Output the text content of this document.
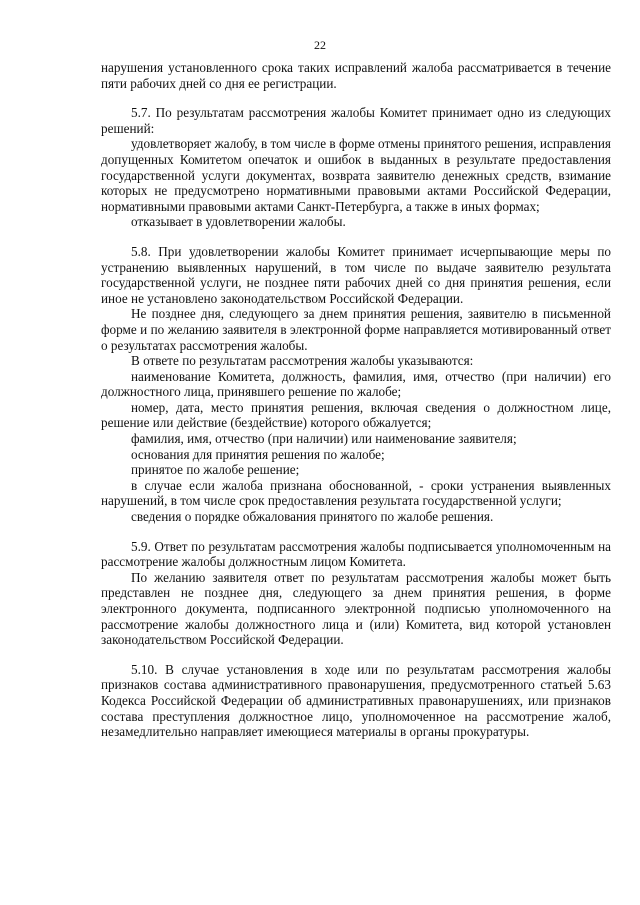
22

нарушения установленного срока таких исправлений жалоба рассматривается в течение пяти рабочих дней со дня ее регистрации.

5.7. По результатам рассмотрения жалобы Комитет принимает одно из следующих решений:

удовлетворяет жалобу, в том числе в форме отмены принятого решения, исправления допущенных Комитетом опечаток и ошибок в выданных в результате предоставления государственной услуги документах, возврата заявителю денежных средств, взимание которых не предусмотрено нормативными правовыми актами Российской Федерации, нормативными правовыми актами Санкт-Петербурга, а также в иных формах;

отказывает в удовлетворении жалобы.

5.8. При удовлетворении жалобы Комитет принимает исчерпывающие меры по устранению выявленных нарушений, в том числе по выдаче заявителю результата государственной услуги, не позднее пяти рабочих дней со дня принятия решения, если иное не установлено законодательством Российской Федерации.

Не позднее дня, следующего за днем принятия решения, заявителю в письменной форме и по желанию заявителя в электронной форме направляется мотивированный ответ о результатах рассмотрения жалобы.

В ответе по результатам рассмотрения жалобы указываются:

наименование Комитета, должность, фамилия, имя, отчество (при наличии) его должностного лица, принявшего решение по жалобе;

номер, дата, место принятия решения, включая сведения о должностном лице, решение или действие (бездействие) которого обжалуется;

фамилия, имя, отчество (при наличии) или наименование заявителя;

основания для принятия решения по жалобе;

принятое по жалобе решение;

в случае если жалоба признана обоснованной, - сроки устранения выявленных нарушений, в том числе срок предоставления результата государственной услуги;

сведения о порядке обжалования принятого по жалобе решения.

5.9. Ответ по результатам рассмотрения жалобы подписывается уполномоченным на рассмотрение жалобы должностным лицом Комитета.

По желанию заявителя ответ по результатам рассмотрения жалобы может быть представлен не позднее дня, следующего за днем принятия решения, в форме электронного документа, подписанного электронной подписью уполномоченного на рассмотрение жалобы должностного лица и (или) Комитета, вид которой установлен законодательством Российской Федерации.

5.10. В случае установления в ходе или по результатам рассмотрения жалобы признаков состава административного правонарушения, предусмотренного статьей 5.63 Кодекса Российской Федерации об административных правонарушениях, или признаков состава преступления должностное лицо, уполномоченное на рассмотрение жалоб, незамедлительно направляет имеющиеся материалы в органы прокуратуры.
